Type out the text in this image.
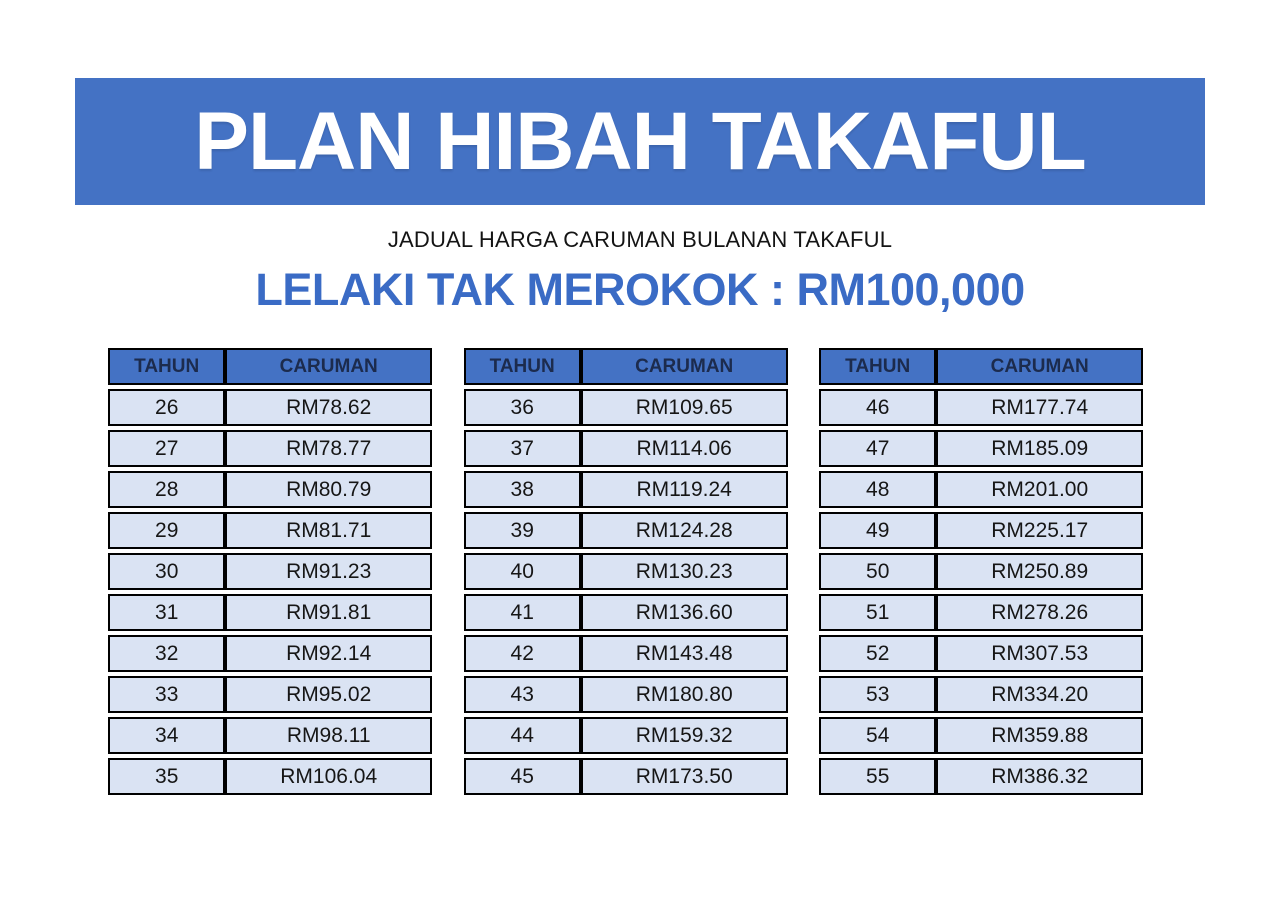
PLAN HIBAH TAKAFUL

JADUAL HARGA CARUMAN BULANAN TAKAFUL

LELAKI TAK MEROKOK : RM100,000
TAHUN	CARUMAN
26	RM78.62
27	RM78.77
28	RM80.79
29	RM81.71
30	RM91.23
31	RM91.81
32	RM92.14
33	RM95.02
34	RM98.11
35	RM106.04
TAHUN	CARUMAN
36	RM109.65
37	RM114.06
38	RM119.24
39	RM124.28
40	RM130.23
41	RM136.60
42	RM143.48
43	RM180.80
44	RM159.32
45	RM173.50
TAHUN	CARUMAN
46	RM177.74
47	RM185.09
48	RM201.00
49	RM225.17
50	RM250.89
51	RM278.26
52	RM307.53
53	RM334.20
54	RM359.88
55	RM386.32
